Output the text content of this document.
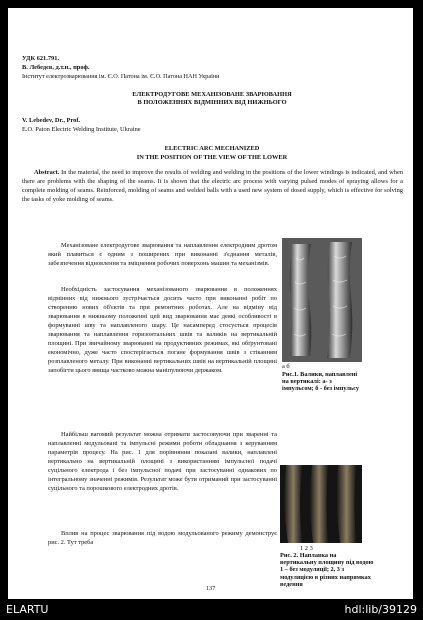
УДК 621.791.
В. Лебедєв, д.т.н., проф.
Інститут електрозварювання ім. Є.О. Патона ім. Є.О. Патона НАН України
ЕЛЕКТРОДУГОВЕ МЕХАНІЗОВАНЕ ЗВАРЮВАННЯ
В ПОЛОЖЕННЯХ ВІДМІННИХ ВІД НИЖНЬОГО
V. Lebedev, Dr., Prof.
E.O. Paton Electric Welding Institute, Ukraine
ELECTRIC ARC MECHANIZED
IN THE POSITION OF THE VIEW OF THE LOWER
Abstract. In the material, the need to improve the results of welding and welding in the positions of the lower windings is indicated, and when there are problems with the shaping of the seams. It is shown that the electric arc process with varying pulsed modes of spraying allows for a complete molding of seams. Reinforced, molding of seams and welded balls with a used new system of dosed supply, which is effective for solving the tasks of yoke molding of seams.
Механізоване електродугове зварювання та наплавлення електродним дротом який плавиться є одним з поширених при виконанні з'єднання металів, забезпечення відновлення та зміцнення робочих поверхонь машин та механізмів.
Необхідність застосування механізованого зварювання в положеннях відмінних від нижнього зустрічається досить часто при виконанні робіт по створенню нових об'єктів та при ремонтних роботах. Але на відміну від зварювання в нижньому положенні цей вид зварювання має деякі особливості в формуванні шву та наплавленого шару. Це насамперед стосується процесів зварювання та наплавлення горизонтальних швів та валиків на вертикальній площині. При звичайному зварюванні на продуктивних режимах, які обґрунтовані економічно, дуже часто спостерігається погане формування швів з стіканням розплавленого металу. При виконанні вертикальних швів на вертикальній площині запобігти цього явища частково можна маніпулюючи держаком.
Найбільш вагомий результат можна отримати застосовуючи при зваренні та наплавленні модульовані та імпульсні режими роботи обладнання з керуванням параметрів процесу. На рис. 1 для порівняння показані валики, наплавлені вертикально на вертикальній площині з використанням імпульсної подачі суцільного електрода і без імпульсної подачі при застосуванні однакових по інтегральному значенні режимів. Результат може бути отриманий при застосуванні суцільного та порошкового електродних дротів.
Вплив на процес зварювання під водою модульованого режиму демонструє рис. 2. Тут треба
а б
Рис.1. Валики, наплавлені на вертикалі: а- з імпульсом; б - без імпульсу
1 2 3
Рис. 2. Наплавка на вертикальну площину під водою 1 – без модуляції; 2, 3 з модуляцією в різних напрямках ведення
137
ELARTU	hdl:lib/39129
